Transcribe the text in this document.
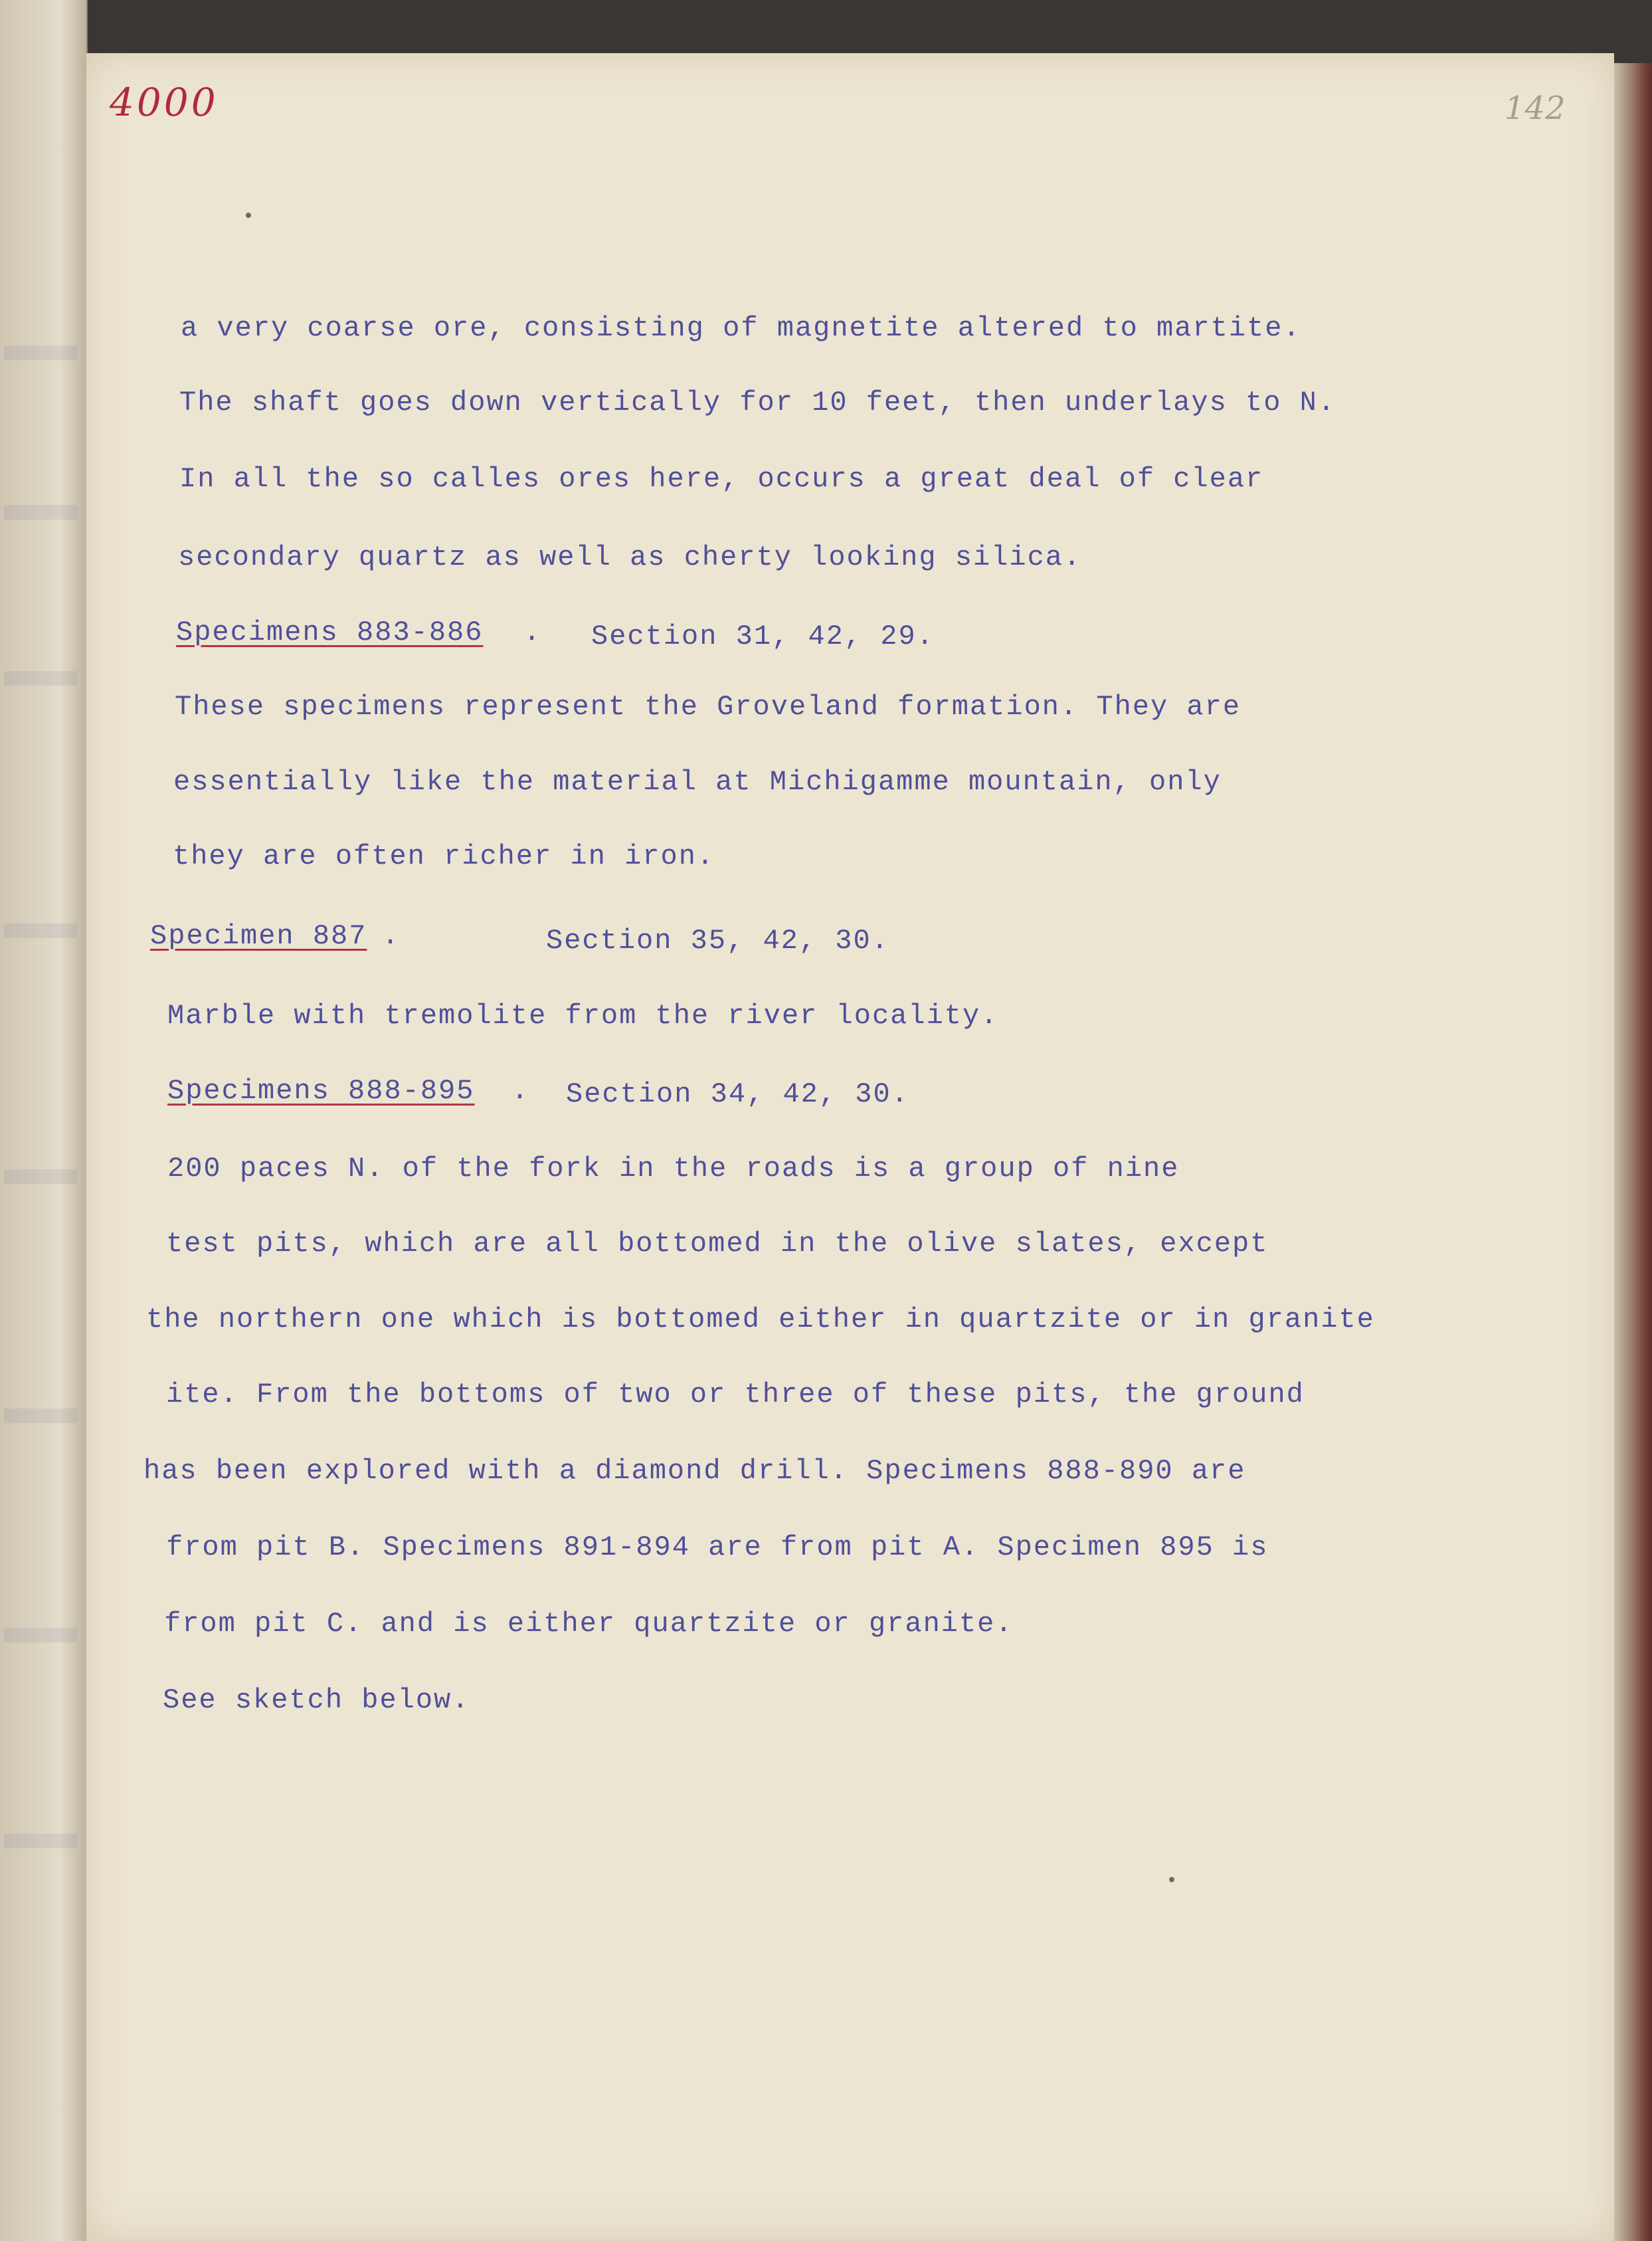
4000	142
a very coarse ore, consisting of magnetite altered to martite.
The shaft goes down vertically for 10 feet, then underlays to N.
In all the so calles ores here, occurs a great deal of clear
secondary quartz as well as cherty looking silica.
Specimens 883-886 . Section 31, 42, 29.
These specimens represent the Groveland formation. They are
essentially like the material at Michigamme mountain, only
they are often richer in iron.
Specimen 887 .	Section 35, 42, 30.
Marble with tremolite from the river locality.
Specimens 888-895 . Section 34, 42, 30.
200 paces N. of the fork in the roads is a group of nine
test pits, which are all bottomed in the olive slates, except
the northern one which is bottomed either in quartzite or in granite
ite. From the bottoms of two or three of these pits, the ground
has been explored with a diamond drill. Specimens 888-890 are
from pit B. Specimens 891-894 are from pit A. Specimen 895 is
from pit C. and is either quartzite or granite.
See sketch below.
